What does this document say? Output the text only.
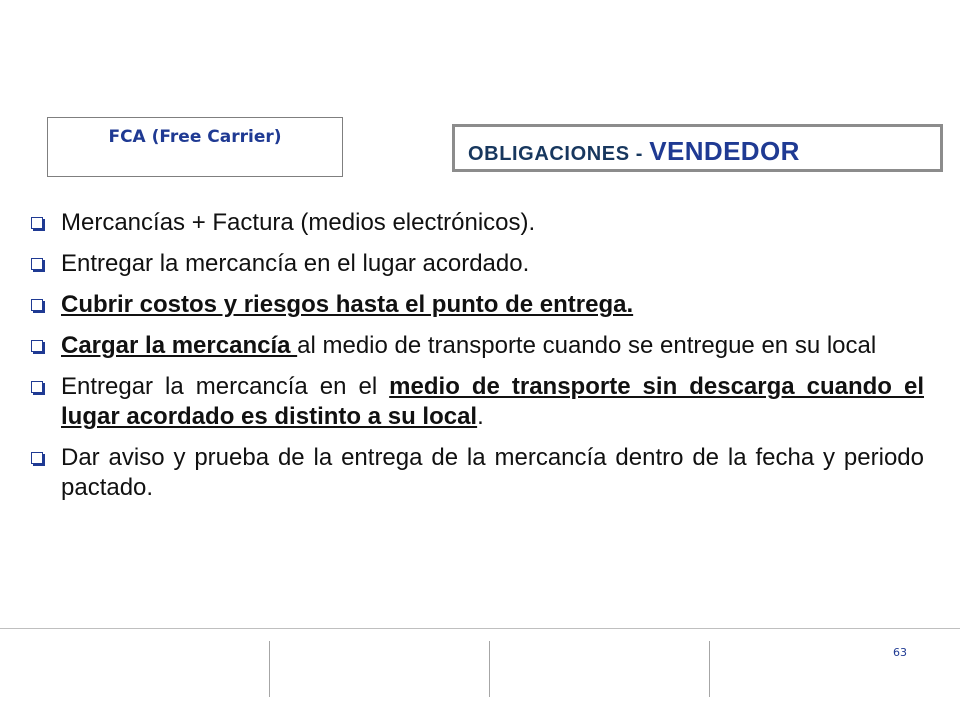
FCA (Free Carrier)
OBLIGACIONES - VENDEDOR
Mercancías + Factura (medios electrónicos).
Entregar la mercancía en el lugar acordado.
Cubrir costos y riesgos hasta el punto de entrega.
Cargar la mercancía al medio de transporte cuando se entregue en su local
Entregar la mercancía en el medio de transporte sin descarga cuando el lugar acordado es distinto a su local.
Dar aviso y prueba de la entrega de la mercancía dentro de la fecha y periodo pactado.
63
